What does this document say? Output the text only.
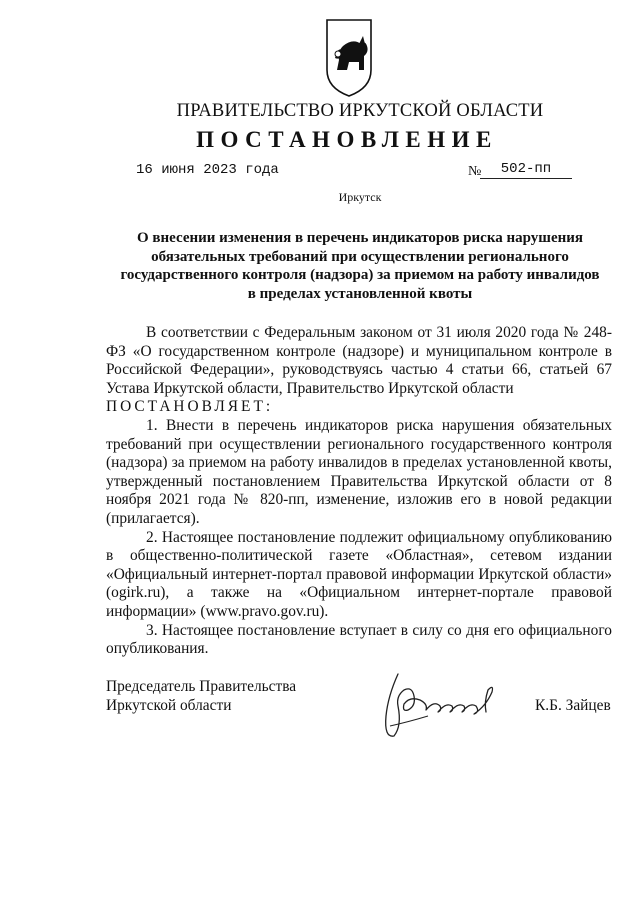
ПРАВИТЕЛЬСТВО ИРКУТСКОЙ ОБЛАСТИ
ПОСТАНОВЛЕНИЕ
16 июня 2023 года	№	502-пп
Иркутск
О внесении изменения в перечень индикаторов риска нарушения обязательных требований при осуществлении регионального государственного контроля (надзора) за приемом на работу инвалидов в пределах установленной квоты

В соответствии с Федеральным законом от 31 июля 2020 года № 248-ФЗ «О государственном контроле (надзоре) и муниципальном контроле в Российской Федерации», руководствуясь частью 4 статьи 66, статьей 67 Устава Иркутской области, Правительство Иркутской области

ПОСТАНОВЛЯЕТ:

1. Внести в перечень индикаторов риска нарушения обязательных требований при осуществлении регионального государственного контроля (надзора) за приемом на работу инвалидов в пределах установленной квоты, утвержденный постановлением Правительства Иркутской области от 8 ноября 2021 года № 820-пп, изменение, изложив его в новой редакции (прилагается).

2. Настоящее постановление подлежит официальному опубликованию в общественно-политической газете «Областная», сетевом издании «Официальный интернет-портал правовой информации Иркутской области» (ogirk.ru), а также на «Официальном интернет-портале правовой информации» (www.pravo.gov.ru).

3. Настоящее постановление вступает в силу со дня его официального опубликования.

Председатель Правительства
Иркутской области	К.Б. Зайцев
